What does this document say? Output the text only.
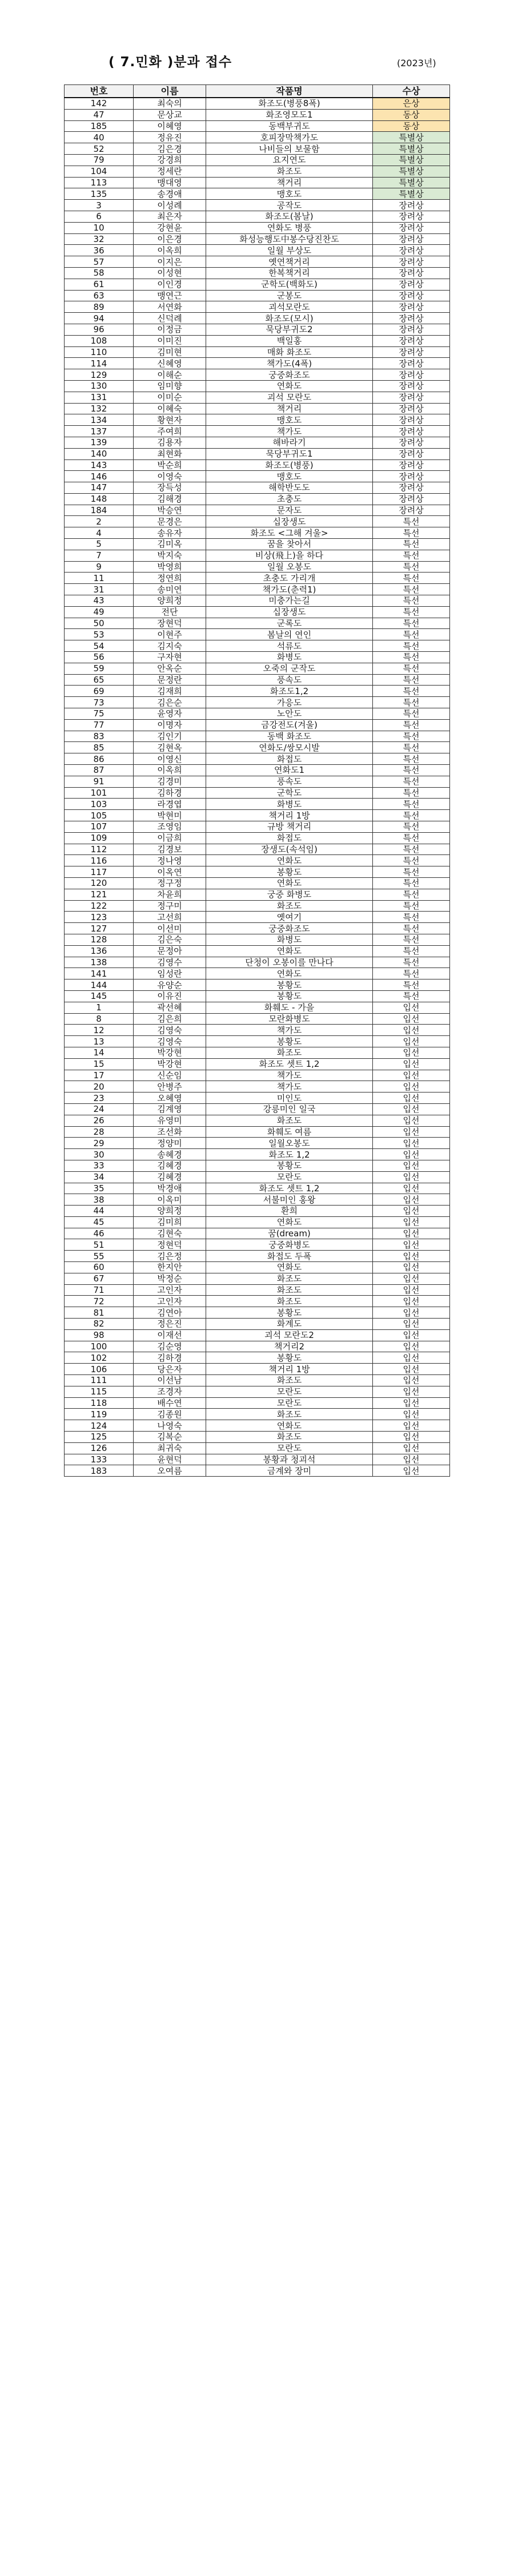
( 7.민화 )분과 접수	(2023년)
번호	이름	작품명	수상
142	최숙의	화조도(병풍8폭)	은상
47	문상교	화조영모도1	동상
185	이혜영	동백부귀도	동상
40	정유진	호피장막책가도	특별상
52	김은경	나비들의 보물함	특별상
79	강경희	요지연도	특별상
104	정세란	화조도	특별상
113	맹대영	책거리	특별상
135	송경애	맹호도	특별상
3	이성례	공작도	장려상
6	최은자	화조도(봄날)	장려상
10	강현윤	연화도 병풍	장려상
32	이은경	화성능행도中봉수당진찬도	장려상
36	이옥희	일월 부상도	장려상
57	이지은	옛연책거리	장려상
58	이성현	한복책거리	장려상
61	이인경	군학도(백화도)	장려상
63	맹연근	군봉도	장려상
89	서연화	괴석모란도	장려상
94	신덕례	화조도(모시)	장려상
96	이정금	묵당부귀도2	장려상
108	이미진	백일홍	장려상
110	김미현	매화 화조도	장려상
114	신혜영	책가도(4폭)	장려상
129	이해순	궁중화조도	장려상
130	임미향	연화도	장려상
131	이미순	괴석 모란도	장려상
132	이혜숙	책거리	장려상
134	황현자	맹호도	장려상
137	주여희	책가도	장려상
139	김용자	해바라기	장려상
140	최현화	묵당부귀도1	장려상
143	박순희	화조도(병풍)	장려상
146	이영숙	맹호도	장려상
147	장득성	해학반도도	장려상
148	김해경	초충도	장려상
184	박승연	문자도	장려상
2	문경은	십장생도	특선
4	송유자	화조도 <그해 겨울>	특선
5	김미옥	꿈을 찾아서	특선
7	박지숙	비상(飛上)을 하다	특선
9	박영희	일월 오봉도	특선
11	정연희	초충도 가리개	특선
31	송미연	책가도(춘력1)	특선
43	양희정	미충가는길	특선
49	전단	십장생도	특선
50	장현덕	군록도	특선
53	이현주	봄날의 연인	특선
54	김지숙	석류도	특선
56	구자현	화병도	특선
59	안옥순	오죽의 군작도	특선
65	문정란	풍속도	특선
69	김재희	화조도1,2	특선
73	김은순	가응도	특선
75	윤영자	노안도	특선
77	이명자	금강전도(겨울)	특선
83	김인기	동백 화조도	특선
85	김현옥	연화도/쌍모시발	특선
86	이영신	화접도	특선
87	이옥희	연화도1	특선
91	김경미	풍속도	특선
101	김하경	군학도	특선
103	라경엽	화병도	특선
105	박현미	책거리 1방	특선
107	조영임	규방 책거리	특선
109	이금희	화접도	특선
112	김경보	장생도(속석임)	특선
116	정나영	연화도	특선
117	이옥연	봉황도	특선
120	정구정	연화도	특선
121	차윤희	궁중 화병도	특선
122	정구미	화조도	특선
123	고선희	옛여기	특선
127	이선미	궁중화조도	특선
128	김은숙	화병도	특선
136	문정아	연화도	특선
138	김영수	단청이 오봉이를 만나다	특선
141	임성란	연화도	특선
144	유양순	봉황도	특선
145	이유진	봉황도	특선
1	곽선혜	화훼도 - 가을	입선
8	김은희	모란화병도	입선
12	김영숙	책가도	입선
13	김영숙	봉황도	입선
14	박강현	화조도	입선
15	박강현	화조도 셋트 1,2	입선
17	신순임	책가도	입선
20	안병주	책가도	입선
23	오혜영	미인도	입선
24	김계영	강릉미인 일국	입선
26	유영미	화조도	입선
28	조선화	화훼도 여름	입선
29	정양미	일월오봉도	입선
30	송혜경	화조도 1,2	입선
33	김혜경	봉황도	입선
34	김혜경	모란도	입선
35	박경애	화조도 셋트 1,2	입선
38	이옥미	서불미인 홍왕	입선
44	양희정	환희	입선
45	김미희	연화도	입선
46	김현숙	꿈(dream)	입선
51	정현덕	궁중화병도	입선
55	김은정	화접도 두폭	입선
60	한지안	연화도	입선
67	박정순	화조도	입선
71	고인자	화조도	입선
72	고인자	화조도	입선
81	김연아	봉황도	입선
82	정은진	화계도	입선
98	이재선	괴석 모란도2	입선
100	김순영	책거리2	입선
102	김하경	봉황도	입선
106	당은자	책거리 1방	입선
111	이선남	화조도	입선
115	조경자	모란도	입선
118	배수연	모란도	입선
119	김종원	화조도	입선
124	나영숙	연화도	입선
125	김복순	화조도	입선
126	최귀숙	모란도	입선
133	윤현덕	봉황과 청괴석	입선
183	오여름	금계와 장미	입선
